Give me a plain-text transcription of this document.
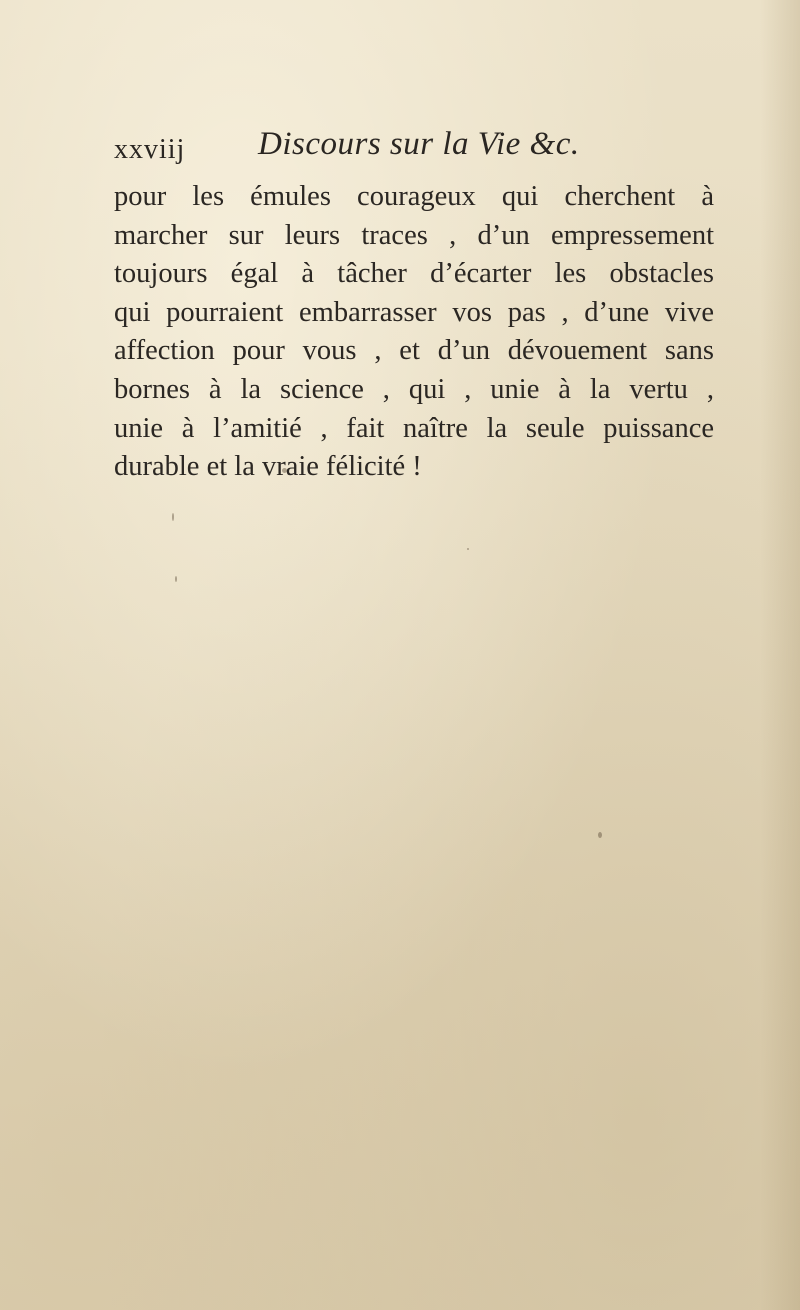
xxviij Discours sur la Vie &c.
pour les émules courageux qui cherchent à
marcher sur leurs traces , d’un empressement
toujours égal à tâcher d’écarter les obstacles
qui pourraient embarrasser vos pas , d’une vive
affection pour vous , et d’un dévouement sans
bornes à la science , qui , unie à la vertu ,
unie à l’amitié , fait naître la seule puissance
durable et la vraie félicité !
